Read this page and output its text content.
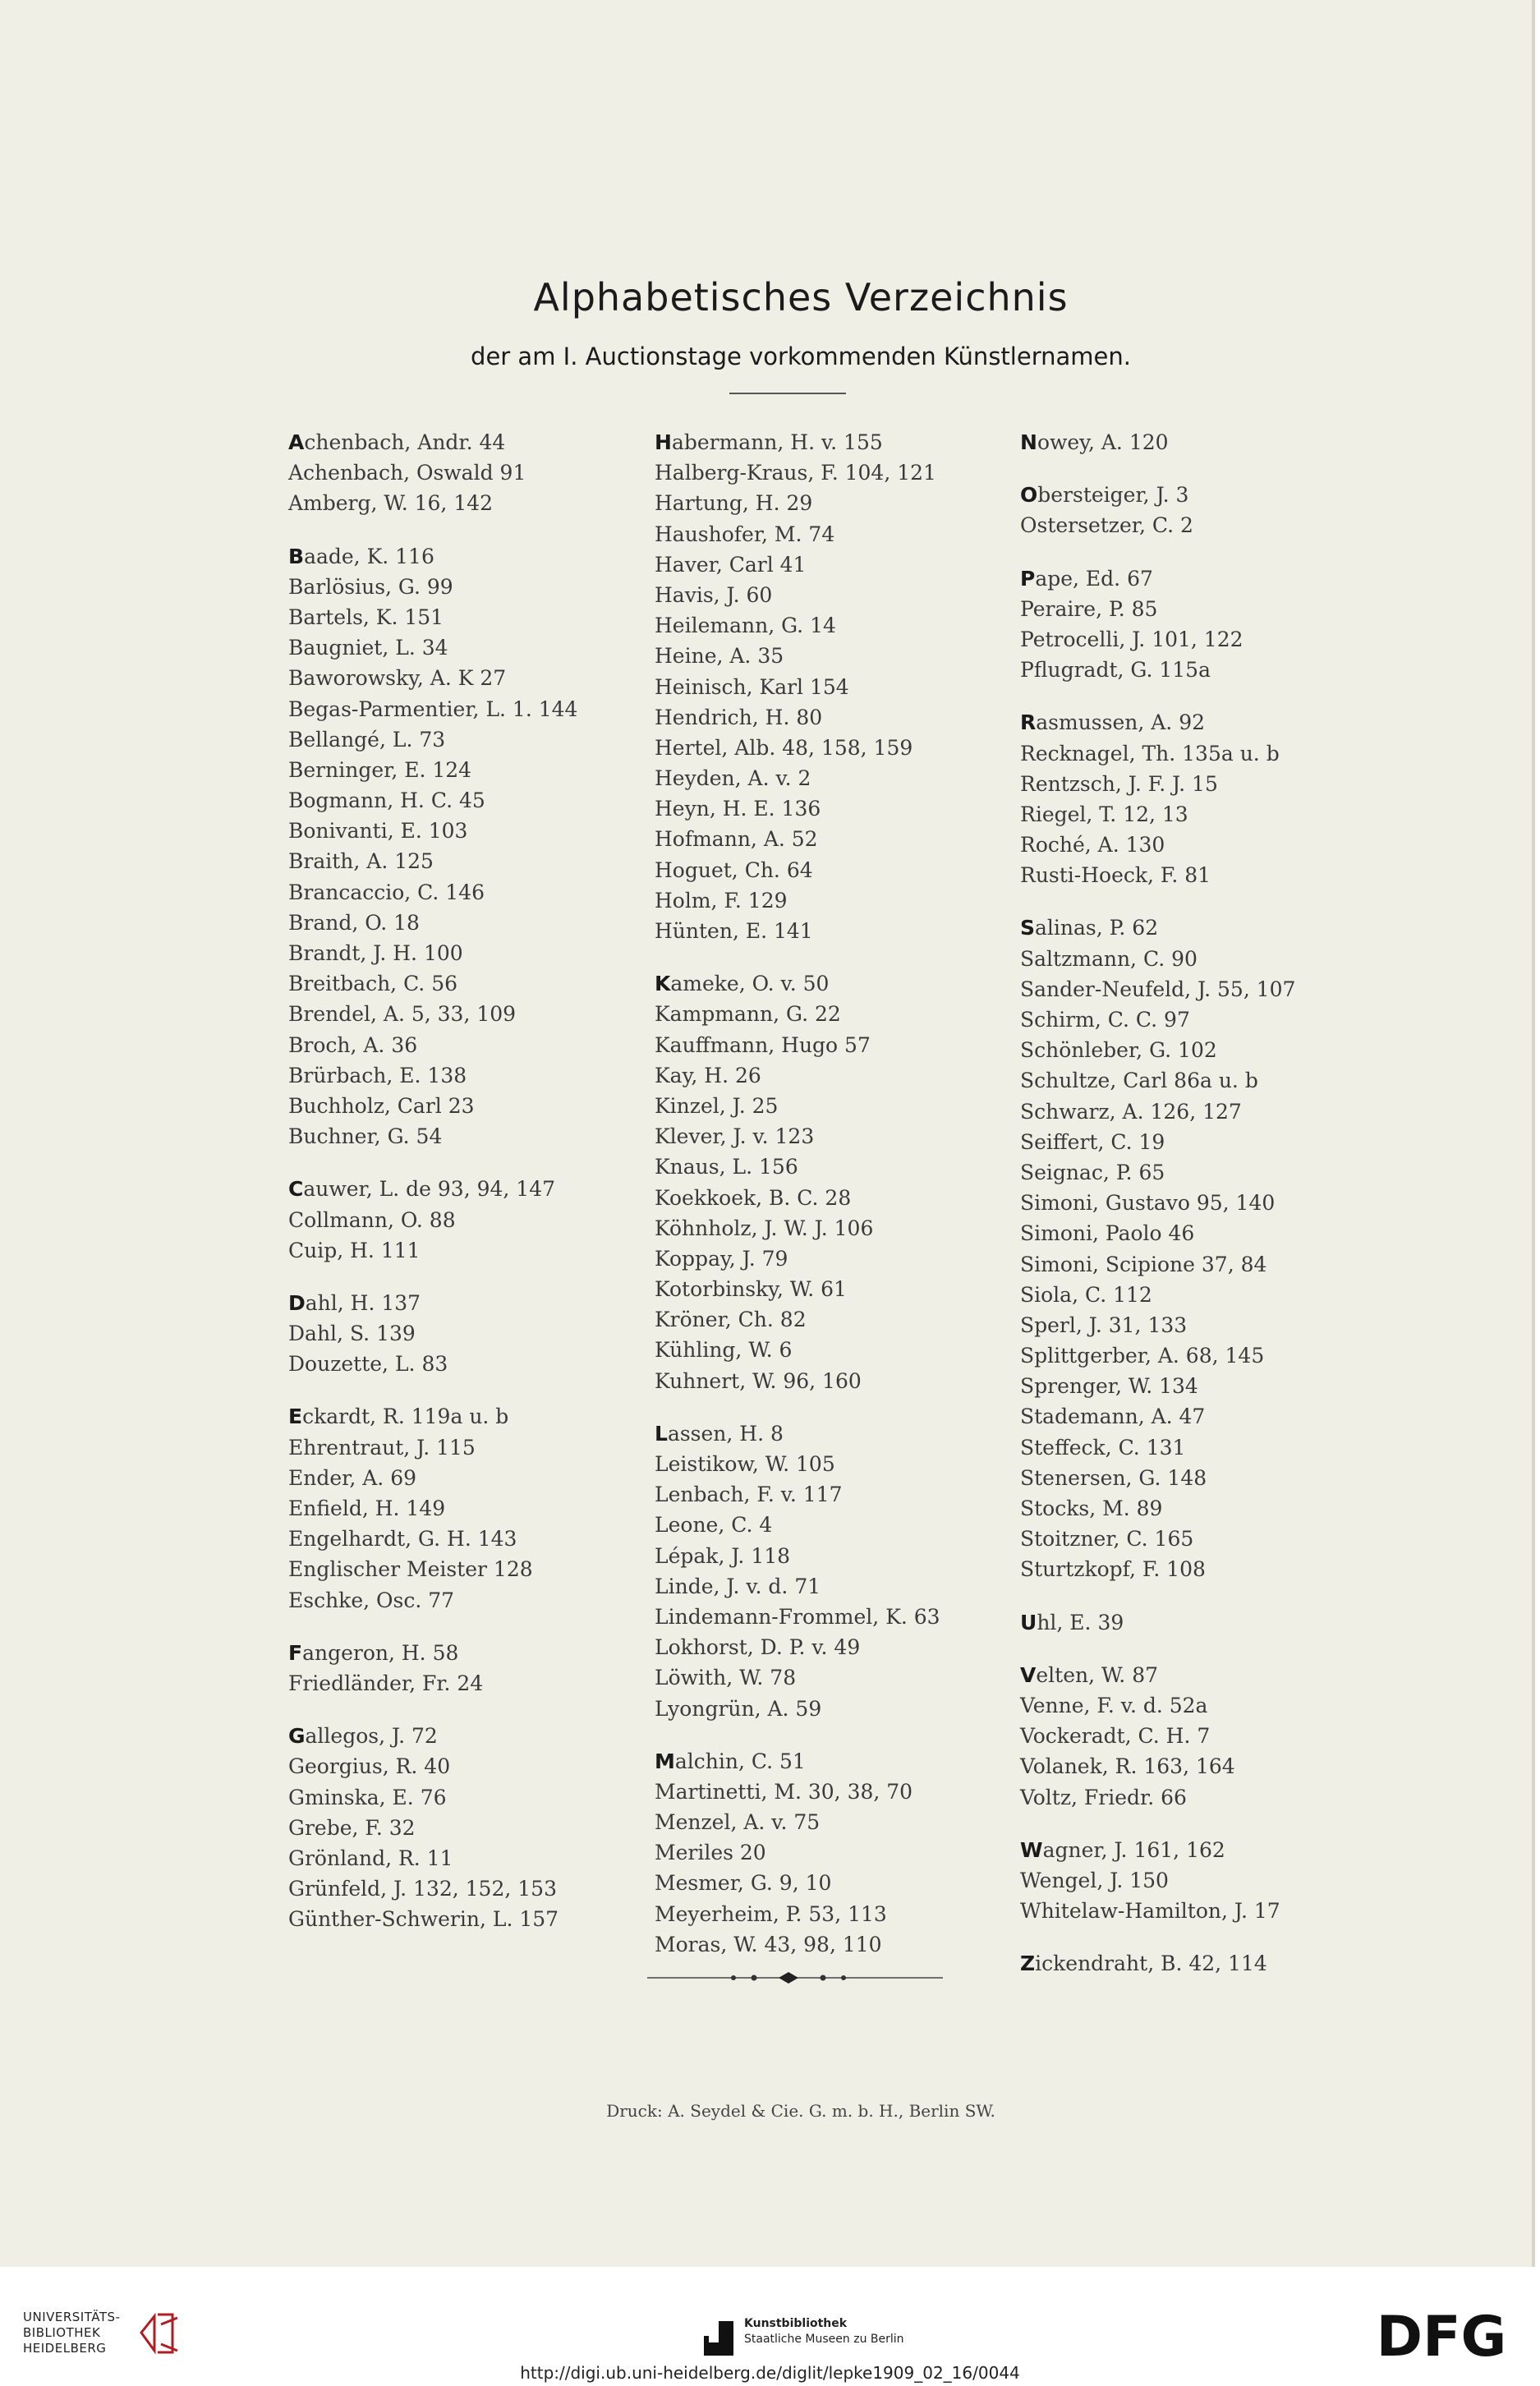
Alphabetisches Verzeichnis
der am I. Auctionstage vorkommenden Künstlernamen.
Achenbach, Andr. 44
Achenbach, Oswald 91
Amberg, W. 16, 142
Baade, K. 116
Barlösius, G. 99
Bartels, K. 151
Baugniet, L. 34
Baworowsky, A. K 27
Begas-Parmentier, L. 1. 144
Bellangé, L. 73
Berninger, E. 124
Bogmann, H. C. 45
Bonivanti, E. 103
Braith, A. 125
Brancaccio, C. 146
Brand, O. 18
Brandt, J. H. 100
Breitbach, C. 56
Brendel, A. 5, 33, 109
Broch, A. 36
Brürbach, E. 138
Buchholz, Carl 23
Buchner, G. 54
Cauwer, L. de 93, 94, 147
Collmann, O. 88
Cuip, H. 111
Dahl, H. 137
Dahl, S. 139
Douzette, L. 83
Eckardt, R. 119a u. b
Ehrentraut, J. 115
Ender, A. 69
Enfield, H. 149
Engelhardt, G. H. 143
Englischer Meister 128
Eschke, Osc. 77
Fangeron, H. 58
Friedländer, Fr. 24
Gallegos, J. 72
Georgius, R. 40
Gminska, E. 76
Grebe, F. 32
Grönland, R. 11
Grünfeld, J. 132, 152, 153
Günther-Schwerin, L. 157
Habermann, H. v. 155
Halberg-Kraus, F. 104, 121
Hartung, H. 29
Haushofer, M. 74
Haver, Carl 41
Havis, J. 60
Heilemann, G. 14
Heine, A. 35
Heinisch, Karl 154
Hendrich, H. 80
Hertel, Alb. 48, 158, 159
Heyden, A. v. 2
Heyn, H. E. 136
Hofmann, A. 52
Hoguet, Ch. 64
Holm, F. 129
Hünten, E. 141
Kameke, O. v. 50
Kampmann, G. 22
Kauffmann, Hugo 57
Kay, H. 26
Kinzel, J. 25
Klever, J. v. 123
Knaus, L. 156
Koekkoek, B. C. 28
Köhnholz, J. W. J. 106
Koppay, J. 79
Kotorbinsky, W. 61
Kröner, Ch. 82
Kühling, W. 6
Kuhnert, W. 96, 160
Lassen, H. 8
Leistikow, W. 105
Lenbach, F. v. 117
Leone, C. 4
Lépak, J. 118
Linde, J. v. d. 71
Lindemann-Frommel, K. 63
Lokhorst, D. P. v. 49
Löwith, W. 78
Lyongrün, A. 59
Malchin, C. 51
Martinetti, M. 30, 38, 70
Menzel, A. v. 75
Meriles 20
Mesmer, G. 9, 10
Meyerheim, P. 53, 113
Moras, W. 43, 98, 110
Nowey, A. 120
Obersteiger, J. 3
Ostersetzer, C. 2
Pape, Ed. 67
Peraire, P. 85
Petrocelli, J. 101, 122
Pflugradt, G. 115a
Rasmussen, A. 92
Recknagel, Th. 135a u. b
Rentzsch, J. F. J. 15
Riegel, T. 12, 13
Roché, A. 130
Rusti-Hoeck, F. 81
Salinas, P. 62
Saltzmann, C. 90
Sander-Neufeld, J. 55, 107
Schirm, C. C. 97
Schönleber, G. 102
Schultze, Carl 86a u. b
Schwarz, A. 126, 127
Seiffert, C. 19
Seignac, P. 65
Simoni, Gustavo 95, 140
Simoni, Paolo 46
Simoni, Scipione 37, 84
Siola, C. 112
Sperl, J. 31, 133
Splittgerber, A. 68, 145
Sprenger, W. 134
Stademann, A. 47
Steffeck, C. 131
Stenersen, G. 148
Stocks, M. 89
Stoitzner, C. 165
Sturtzkopf, F. 108
Uhl, E. 39
Velten, W. 87
Venne, F. v. d. 52a
Vockeradt, C. H. 7
Volanek, R. 163, 164
Voltz, Friedr. 66
Wagner, J. 161, 162
Wengel, J. 150
Whitelaw-Hamilton, J. 17
Zickendraht, B. 42, 114
Druck: A. Seydel & Cie. G. m. b. H., Berlin SW.
UNIVERSITÄTS-
BIBLIOTHEK
HEIDELBERG
Kunstbibliothek
Staatliche Museen zu Berlin	DFG
http://digi.ub.uni-heidelberg.de/diglit/lepke1909_02_16/0044
